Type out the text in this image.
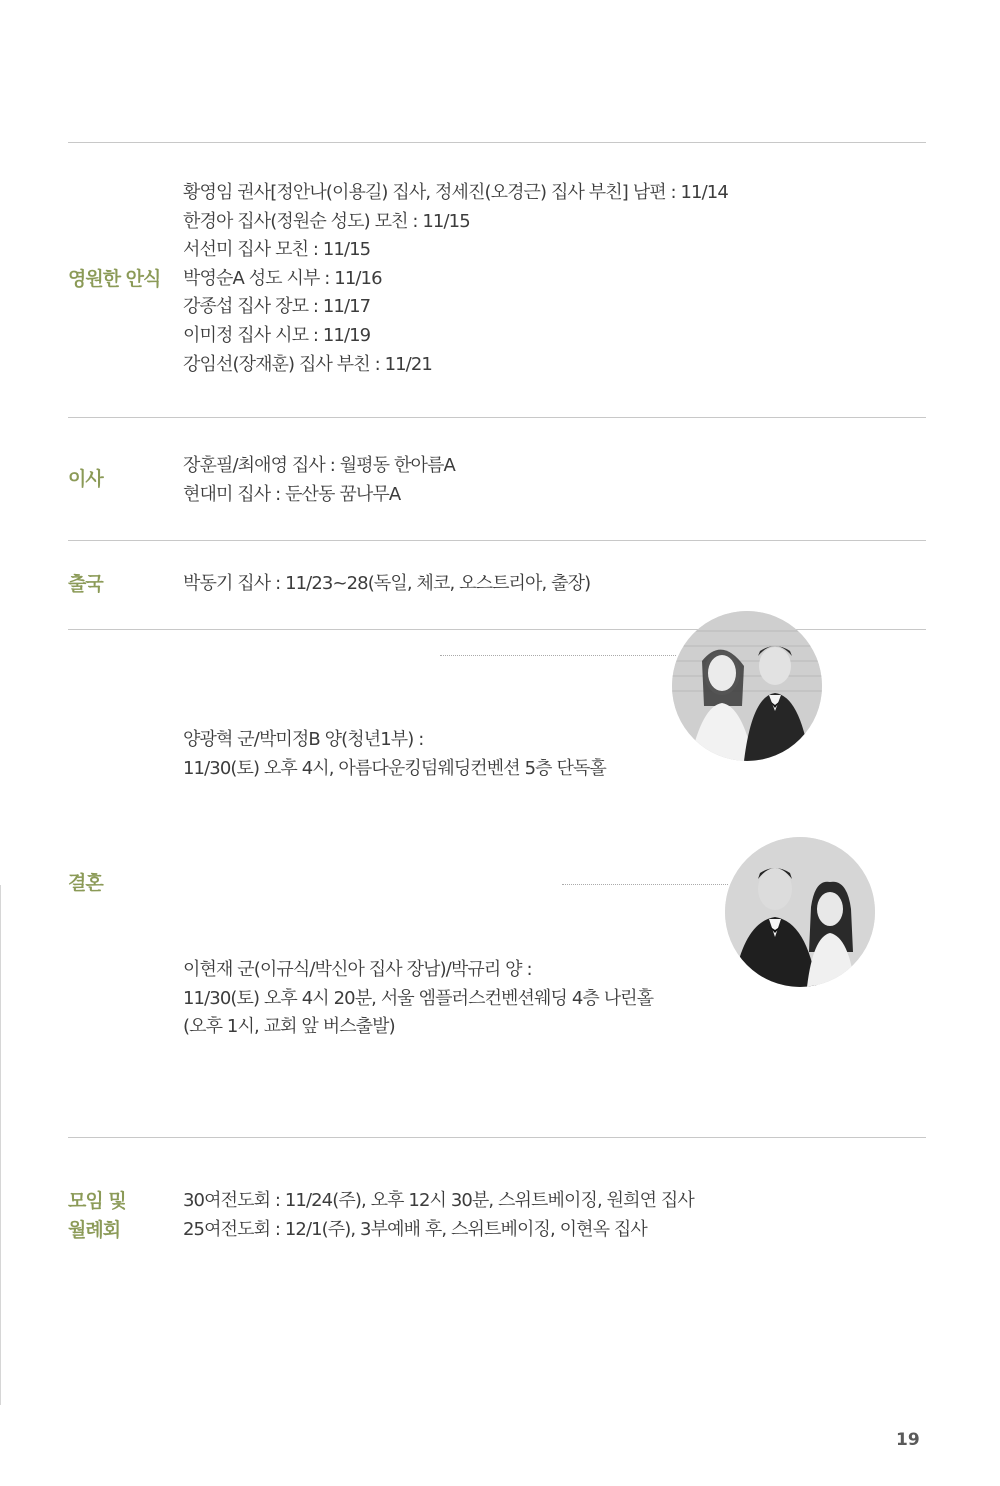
영원한 안식
황영임 권사[정안나(이용길) 집사, 정세진(오경근) 집사 부친] 남편 : 11/14
한경아 집사(정원순 성도) 모친 : 11/15
서선미 집사 모친 : 11/15
박영순A 성도 시부 : 11/16
강종섭 집사 장모 : 11/17
이미정 집사 시모 : 11/19
강임선(장재훈) 집사 부친 : 11/21
이사
장훈필/최애영 집사 : 월평동 한아름A
현대미 집사 : 둔산동 꿈나무A
출국	박동기 집사 : 11/23~28(독일, 체코, 오스트리아, 출장)
양광혁 군/박미정B 양(청년1부) :
11/30(토) 오후 4시, 아름다운킹덤웨딩컨벤션 5층 단독홀
결혼
이현재 군(이규식/박신아 집사 장남)/박규리 양 :
11/30(토) 오후 4시 20분, 서울 엠플러스컨벤션웨딩 4층 나린홀
(오후 1시, 교회 앞 버스출발)
모임 및
월례회
30여전도회 : 11/24(주), 오후 12시 30분, 스위트베이징, 원희연 집사
25여전도회 : 12/1(주), 3부예배 후, 스위트베이징, 이현옥 집사
19
